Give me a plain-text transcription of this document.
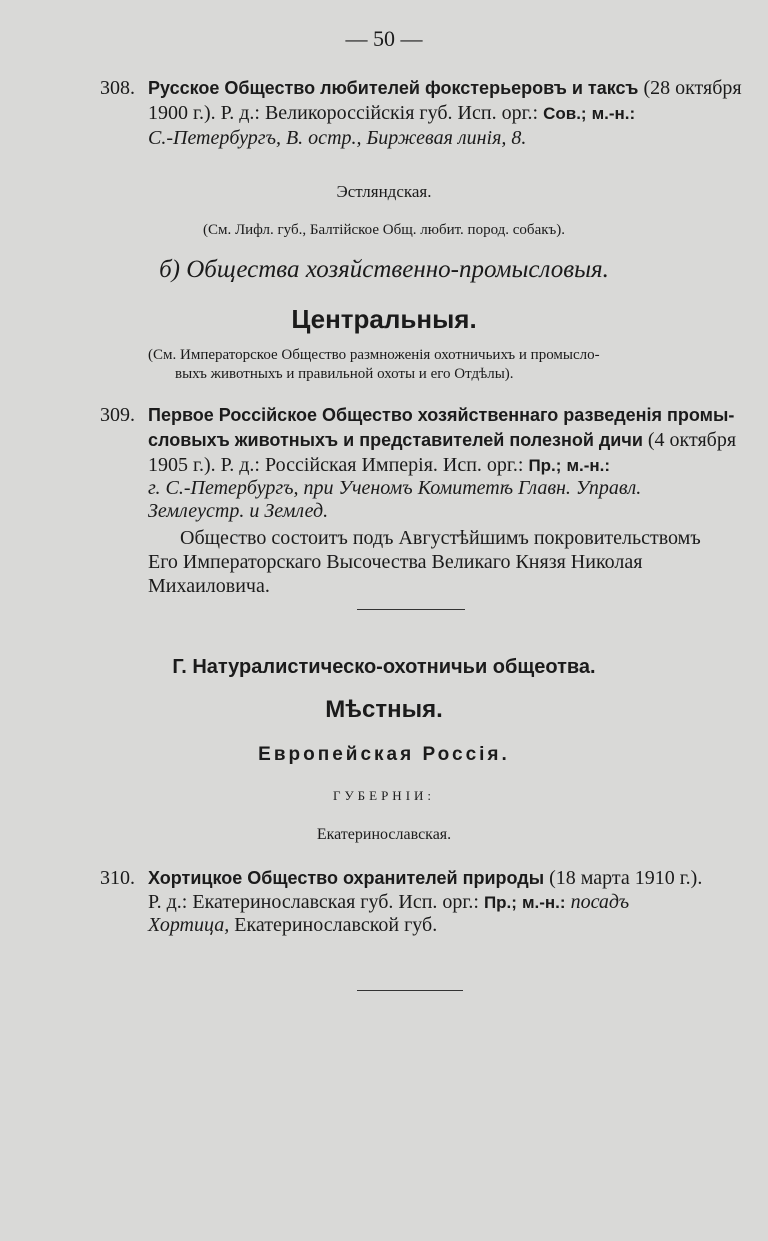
— 50 —
308. Русское Общество любителей фокстерьеровъ и таксъ (28 октября
1900 г.). Р. д.: Великороссійскія губ. Исп. орг.: Сов.; м.-н.:
С.-Петербургъ, В. остр., Биржевая линія, 8.
Эстляндская.
(См. Лифл. губ., Балтійское Общ. любит. пород. собакъ).
б) Общества хозяйственно-промысловыя.
Центральныя.
(См. Императорское Общество размноженія охотничьихъ и промысло-
выхъ животныхъ и правильной охоты и его Отдѣлы).
309. Первое Россійское Общество хозяйственнаго разведенія промы-
словыхъ животныхъ и представителей полезной дичи (4 октября
1905 г.). Р. д.: Россійская Имперія. Исп. орг.: Пр.; м.-н.:
г. С.-Петербургъ, при Ученомъ Комитетѣ Главн. Управл.
Землеустр. и Землед.
Общество состоитъ подъ Августѣйшимъ покровительствомъ
Его Императорскаго Высочества Великаго Князя Николая
Михаиловича.
Г. Натуралистическо-охотничьи общеотва.
Мѣстныя.
Европейская Россія.
ГУБЕРНІИ:
Екатеринославская.
310. Хортицкое Общество охранителей природы (18 марта 1910 г.).
Р. д.: Екатеринославская губ. Исп. орг.: Пр.; м.-н.: посадъ
Хортица, Екатеринославской губ.
